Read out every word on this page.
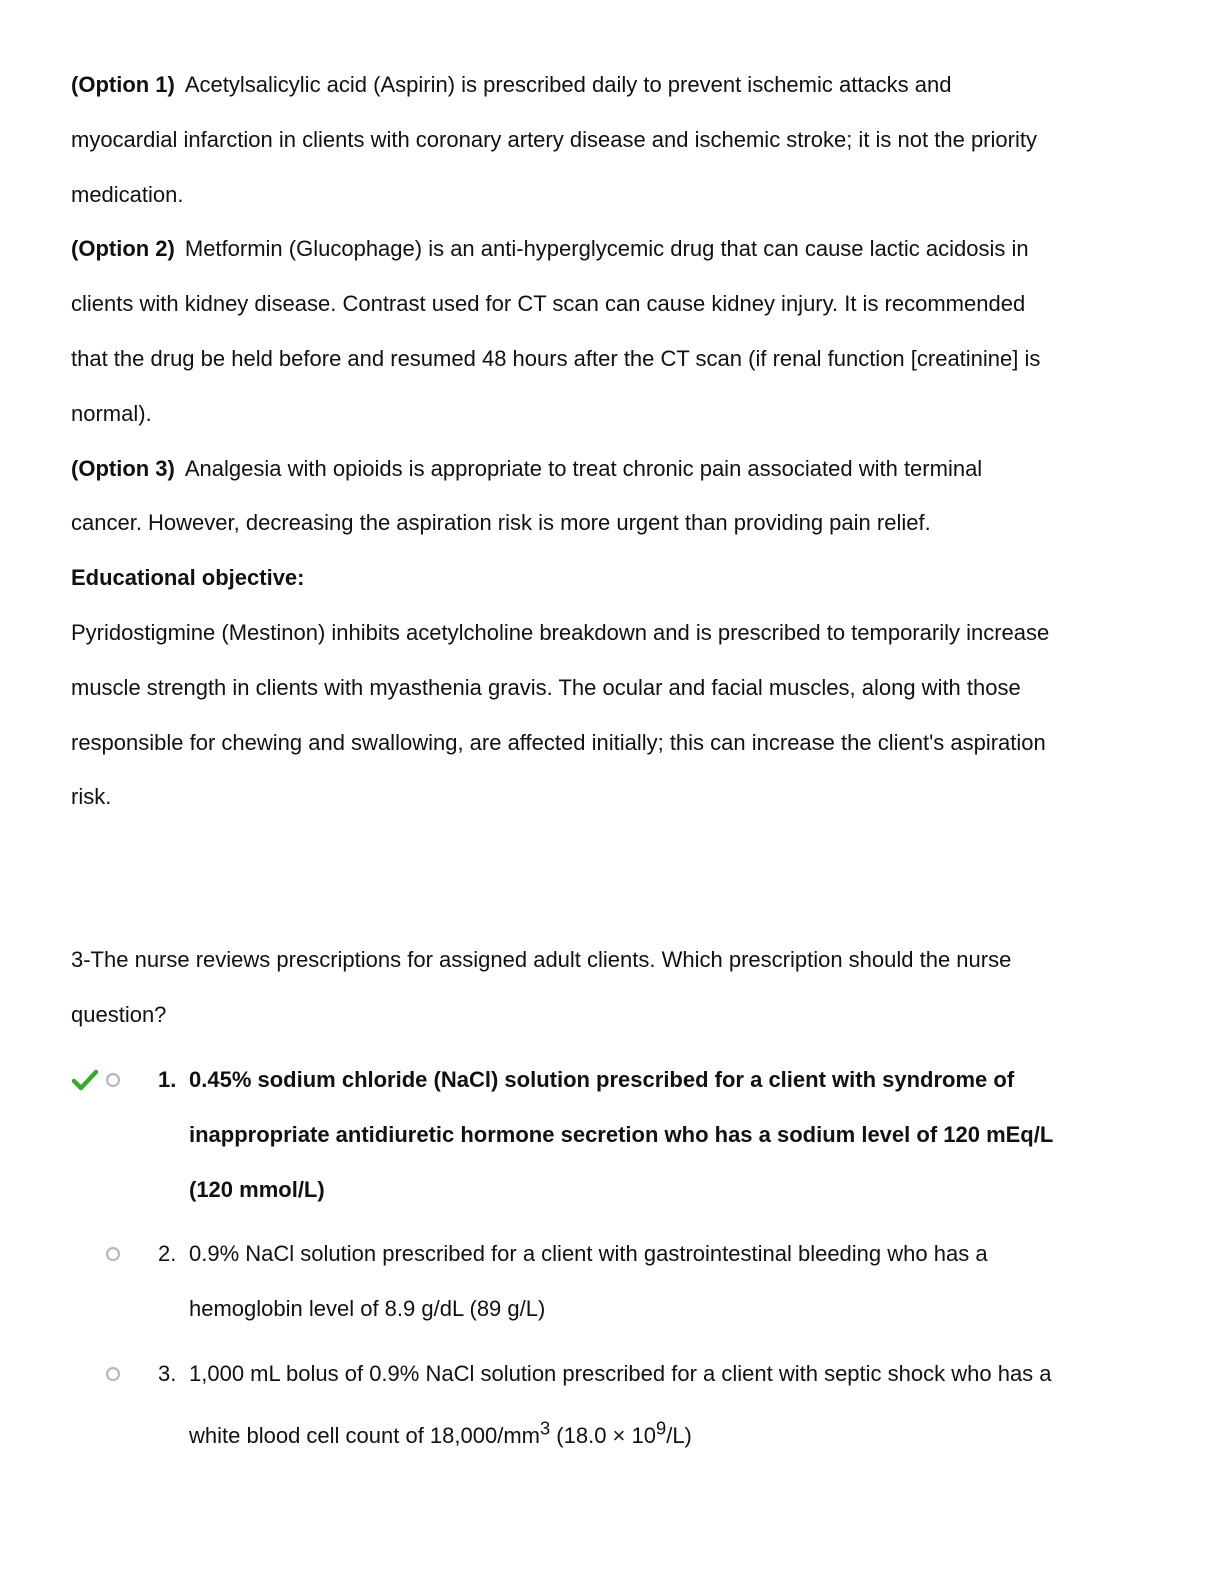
(Option 1) Acetylsalicylic acid (Aspirin) is prescribed daily to prevent ischemic attacks and
myocardial infarction in clients with coronary artery disease and ischemic stroke; it is not the priority
medication.

(Option 2) Metformin (Glucophage) is an anti-hyperglycemic drug that can cause lactic acidosis in
clients with kidney disease. Contrast used for CT scan can cause kidney injury. It is recommended
that the drug be held before and resumed 48 hours after the CT scan (if renal function [creatinine] is
normal).

(Option 3) Analgesia with opioids is appropriate to treat chronic pain associated with terminal
cancer. However, decreasing the aspiration risk is more urgent than providing pain relief.

Educational objective:

Pyridostigmine (Mestinon) inhibits acetylcholine breakdown and is prescribed to temporarily increase
muscle strength in clients with myasthenia gravis. The ocular and facial muscles, along with those
responsible for chewing and swallowing, are affected initially; this can increase the client's aspiration
risk.

3-The nurse reviews prescriptions for assigned adult clients. Which prescription should the nurse
question?

1. 0.45% sodium chloride (NaCl) solution prescribed for a client with syndrome of
inappropriate antidiuretic hormone secretion who has a sodium level of 120 mEq/L
(120 mmol/L)

2. 0.9% NaCl solution prescribed for a client with gastrointestinal bleeding who has a
hemoglobin level of 8.9 g/dL (89 g/L)

3. 1,000 mL bolus of 0.9% NaCl solution prescribed for a client with septic shock who has a
white blood cell count of $18,000/mm^3$ $(18.0 \times 10^9/L)$
